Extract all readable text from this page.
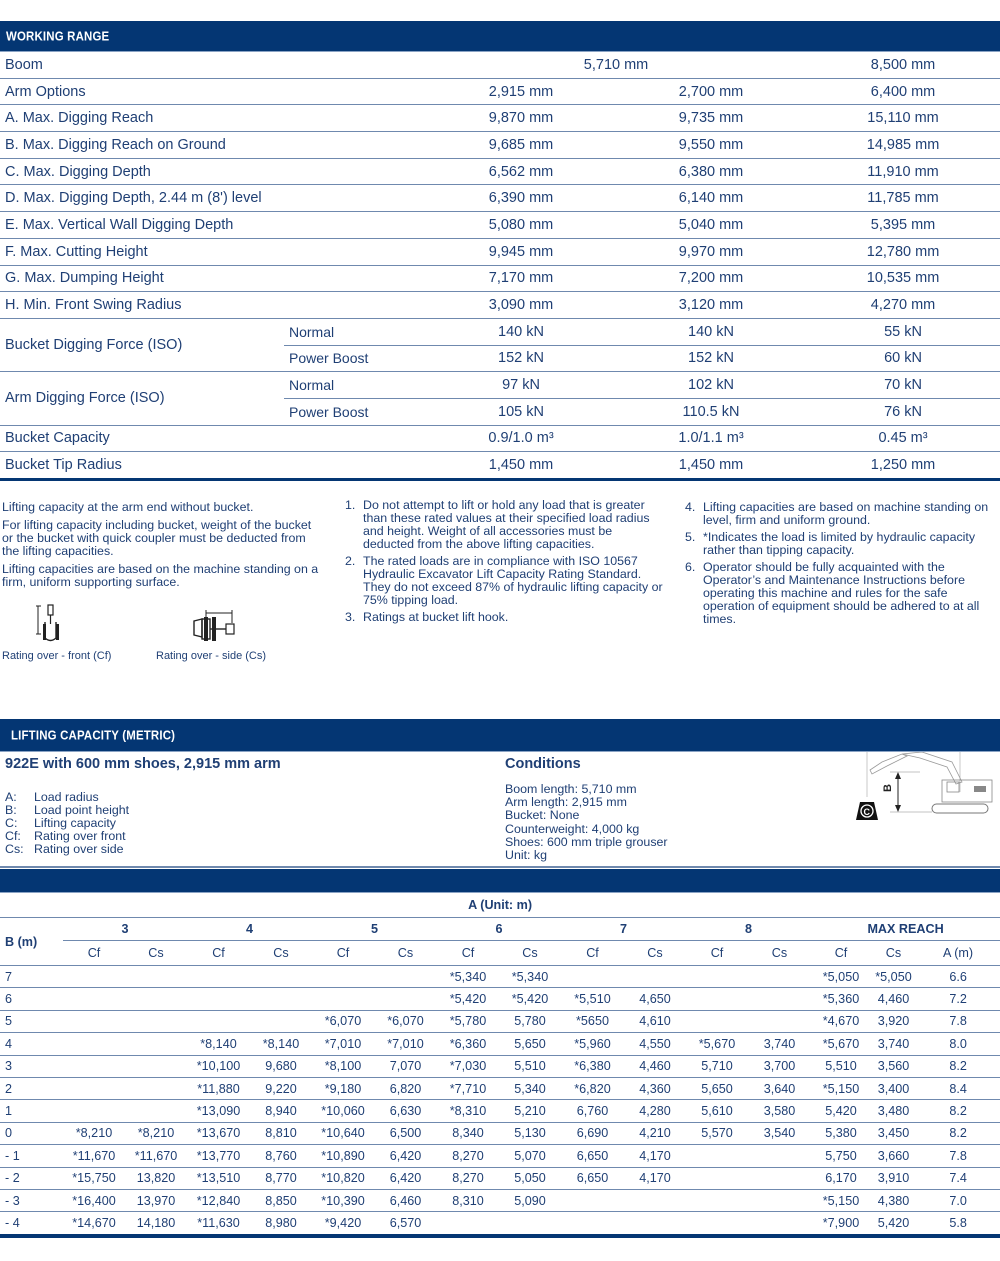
WORKING RANGE
Boom		5,710 mm		8,500 mm
Arm Options		2,915 mm	2,700 mm	6,400 mm
A. Max. Digging Reach		9,870 mm	9,735 mm	15,110 mm
B. Max. Digging Reach on Ground		9,685 mm	9,550 mm	14,985 mm
C. Max. Digging Depth		6,562 mm	6,380 mm	11,910 mm
D. Max. Digging Depth, 2.44 m (8') level		6,390 mm	6,140 mm	11,785 mm
E. Max. Vertical Wall Digging Depth		5,080 mm	5,040 mm	5,395 mm
F. Max. Cutting Height		9,945 mm	9,970 mm	12,780 mm
G. Max. Dumping Height		7,170 mm	7,200 mm	10,535 mm
H. Min. Front Swing Radius		3,090 mm	3,120 mm	4,270 mm
Bucket Digging Force (ISO)	Normal	140 kN	140 kN	55 kN
	Power Boost	152 kN	152 kN	60 kN
Arm Digging Force (ISO)	Normal	97 kN	102 kN	70 kN
	Power Boost	105 kN	110.5 kN	76 kN
Bucket Capacity		0.9/1.0 m³	1.0/1.1 m³	0.45 m³
Bucket Tip Radius		1,450 mm	1,450 mm	1,250 mm

Lifting capacity at the arm end without bucket.

For lifting capacity including bucket, weight of the bucket or the bucket with quick coupler must be deducted from the lifting capacities.

Lifting capacities are based on the machine standing on a firm, uniform supporting surface.

Rating over - front (Cf)	Rating over - side (Cs)
1. Do not attempt to lift or hold any load that is greater than these rated values at their specified load radius and height. Weight of all accessories must be deducted from the above lifting capacities.
2. The rated loads are in compliance with ISO 10567 Hydraulic Excavator Lift Capacity Rating Standard. They do not exceed 87% of hydraulic lifting capacity or 75% tipping load.
3. Ratings at bucket lift hook.
4. Lifting capacities are based on machine standing on level, firm and uniform ground.
5. *Indicates the load is limited by hydraulic capacity rather than tipping capacity.
6. Operator should be fully acquainted with the Operator’s and Maintenance Instructions before operating this machine and rules for the safe operation of equipment should be adhered to at all times.
LIFTING CAPACITY (METRIC)
922E with 600 mm shoes, 2,915 mm arm
A:	Load radius
B:	Load point height
C:	Lifting capacity
Cf:	Rating over front
Cs: Rating over side
Conditions
Boom length: 5,710 mm
Arm length: 2,915 mm
Bucket: None
Counterweight: 4,000 kg
Shoes: 600 mm triple grouser
Unit: kg
B
C
A (Unit: m)															
B (m)	3		4		5		6		7		8		MAX REACH		
	Cf	Cs	Cf	Cs	Cf	Cs	Cf	Cs	Cf	Cs	Cf	Cs	Cf	Cs	A (m)
7							*5,340	*5,340					*5,050	*5,050	6.6
6							*5,420	*5,420	*5,510	4,650			*5,360	4,460	7.2
5					*6,070	*6,070	*5,780	5,780	*5650	4,610			*4,670	3,920	7.8
4			*8,140	*8,140	*7,010	*7,010	*6,360	5,650	*5,960	4,550	*5,670	3,740	*5,670	3,740	8.0
3			*10,100	9,680	*8,100	7,070	*7,030	5,510	*6,380	4,460	5,710	3,700	5,510	3,560	8.2
2			*11,880	9,220	*9,180	6,820	*7,710	5,340	*6,820	4,360	5,650	3,640	*5,150	3,400	8.4
1			*13,090	8,940	*10,060	6,630	*8,310	5,210	6,760	4,280	5,610	3,580	5,420	3,480	8.2
0	*8,210	*8,210	*13,670	8,810	*10,640	6,500	8,340	5,130	6,690	4,210	5,570	3,540	5,380	3,450	8.2
- 1	*11,670	*11,670	*13,770	8,760	*10,890	6,420	8,270	5,070	6,650	4,170			5,750	3,660	7.8
- 2	*15,750	13,820	*13,510	8,770	*10,820	6,420	8,270	5,050	6,650	4,170			6,170	3,910	7.4
- 3	*16,400	13,970	*12,840	8,850	*10,390	6,460	8,310	5,090					*5,150	4,380	7.0
- 4	*14,670	14,180	*11,630	8,980	*9,420	6,570							*7,900	5,420	5.8
